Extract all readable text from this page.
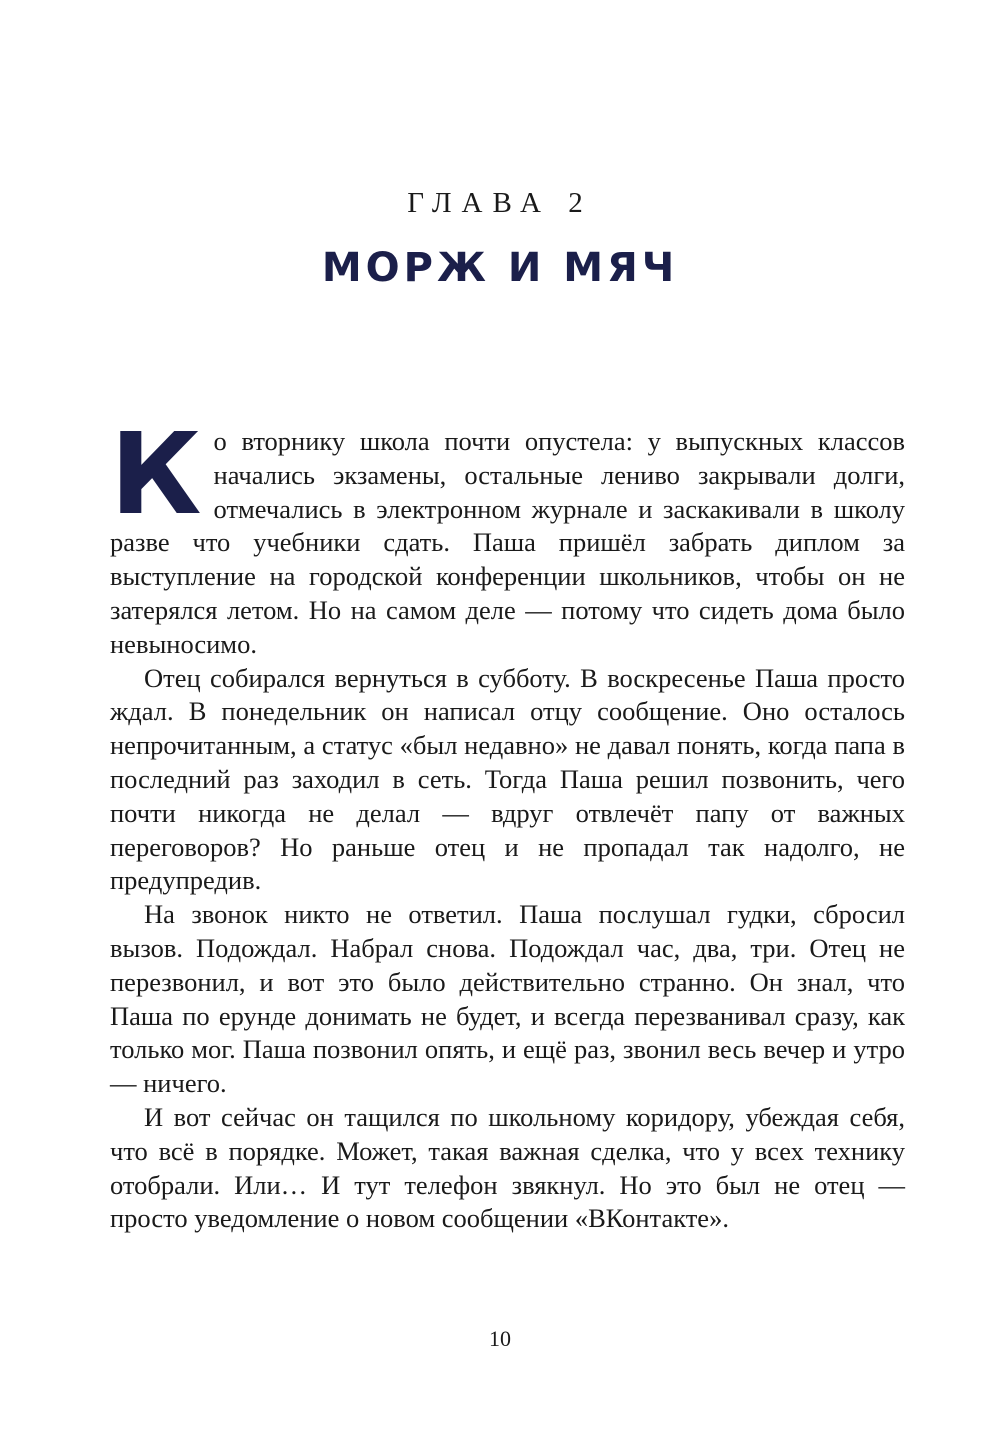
ГЛАВА 2
МОРЖ И МЯЧ

Ко вторнику школа почти опустела: у выпускных классов начались экзамены, остальные лениво закрывали долги, отмечались в электронном журнале и заскакивали в школу разве что учебники сдать. Паша пришёл забрать диплом за выступление на городской конференции школьников, чтобы он не затерялся летом. Но на самом деле — потому что сидеть дома было невыносимо.

Отец собирался вернуться в субботу. В воскресенье Паша просто ждал. В понедельник он написал отцу сообщение. Оно осталось непрочитанным, а статус «был недавно» не давал понять, когда папа в последний раз заходил в сеть. Тогда Паша решил позвонить, чего почти никогда не делал — вдруг отвлечёт папу от важных переговоров? Но раньше отец и не пропадал так надолго, не предупредив.

На звонок никто не ответил. Паша послушал гудки, сбросил вызов. Подождал. Набрал снова. Подождал час, два, три. Отец не перезвонил, и вот это было действительно странно. Он знал, что Паша по ерунде донимать не будет, и всегда перезванивал сразу, как только мог. Паша позвонил опять, и ещё раз, звонил весь вечер и утро — ничего.

И вот сейчас он тащился по школьному коридору, убеждая себя, что всё в порядке. Может, такая важная сделка, что у всех технику отобрали. Или… И тут телефон звякнул. Но это был не отец — просто уведомление о новом сообщении «ВКонтакте».

10
